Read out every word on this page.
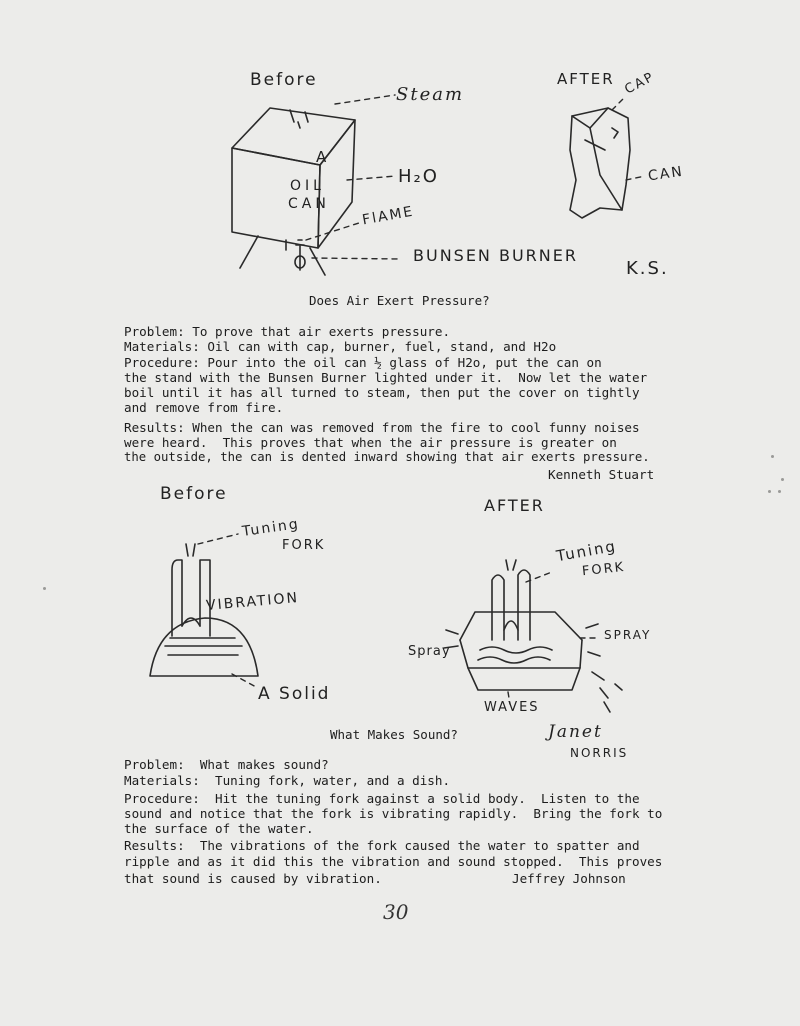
Before
Steam
A
OIL
CAN
H₂O
FlAME
BUNSEN BURNER
AFTER CAP
CAN
K.S.
Does Air Exert Pressure?
Problem: To prove that air exerts pressure.
Materials: Oil can with cap, burner, fuel, stand, and H2o
Procedure: Pour into the oil can ½ glass of H2o, put the can on
the stand with the Bunsen Burner lighted under it.  Now let the water
boil until it has all turned to steam, then put the cover on tightly
and remove from fire.
Results: When the can was removed from the fire to cool funny noises
were heard.  This proves that when the air pressure is greater on
the outside, the can is dented inward showing that air exerts pressure.
Kenneth Stuart
Before
AFTER
Tuning
FORK
VIBRATION
A Solid
Tuning
FORK
Spray
SPRAY
WAVES
Janet
NORRIS
What Makes Sound?
Problem:  What makes sound?
Materials:  Tuning fork, water, and a dish.
Procedure:  Hit the tuning fork against a solid body.  Listen to the
sound and notice that the fork is vibrating rapidly.  Bring the fork to
the surface of the water.
Results:  The vibrations of the fork caused the water to spatter and
ripple and as it did this the vibration and sound stopped.  This proves
that sound is caused by vibration.	Jeffrey Johnson
30
